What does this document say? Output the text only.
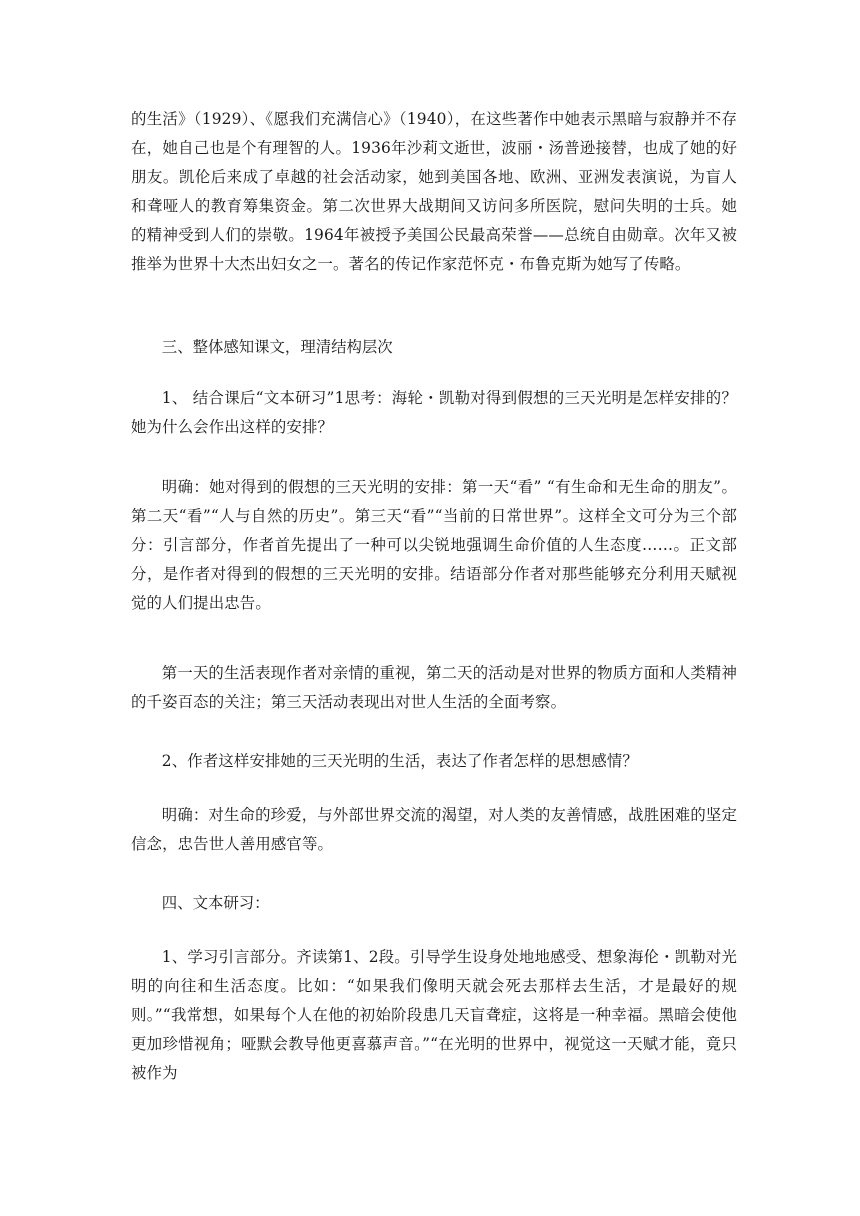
的生活》（1929）、《愿我们充满信心》（1940），在这些著作中她表示黑暗与寂静并不存在，她自己也是个有理智的人。1936年沙莉文逝世，波丽・汤普逊接替，也成了她的好朋友。凯伦后来成了卓越的社会活动家，她到美国各地、欧洲、亚洲发表演说，为盲人和聋哑人的教育筹集资金。第二次世界大战期间又访问多所医院，慰问失明的士兵。她的精神受到人们的崇敬。1964年被授予美国公民最高荣誉——总统自由勋章。次年又被推举为世界十大杰出妇女之一。著名的传记作家范怀克・布鲁克斯为她写了传略。

三、整体感知课文，理清结构层次

1、 结合课后“文本研习”1思考：海轮・凯勒对得到假想的三天光明是怎样安排的？她为什么会作出这样的安排？

明确：她对得到的假想的三天光明的安排：第一天“看” “有生命和无生命的朋友”。第二天“看”“人与自然的历史”。第三天“看”“当前的日常世界”。这样全文可分为三个部分：引言部分，作者首先提出了一种可以尖锐地强调生命价值的人生态度……。正文部分，是作者对得到的假想的三天光明的安排。结语部分作者对那些能够充分利用天赋视觉的人们提出忠告。

第一天的生活表现作者对亲情的重视，第二天的活动是对世界的物质方面和人类精神的千姿百态的关注；第三天活动表现出对世人生活的全面考察。

2、作者这样安排她的三天光明的生活，表达了作者怎样的思想感情？

明确：对生命的珍爱，与外部世界交流的渴望，对人类的友善情感，战胜困难的坚定信念，忠告世人善用感官等。

四、文本研习：

1、学习引言部分。齐读第1、2段。引导学生设身处地地感受、想象海伦・凯勒对光明的向往和生活态度。比如：“如果我们像明天就会死去那样去生活，才是最好的规则。”“我常想，如果每个人在他的初始阶段患几天盲聋症，这将是一种幸福。黑暗会使他更加珍惜视角；哑默会教导他更喜慕声音。”“在光明的世界中，视觉这一天赋才能，竟只被作为
